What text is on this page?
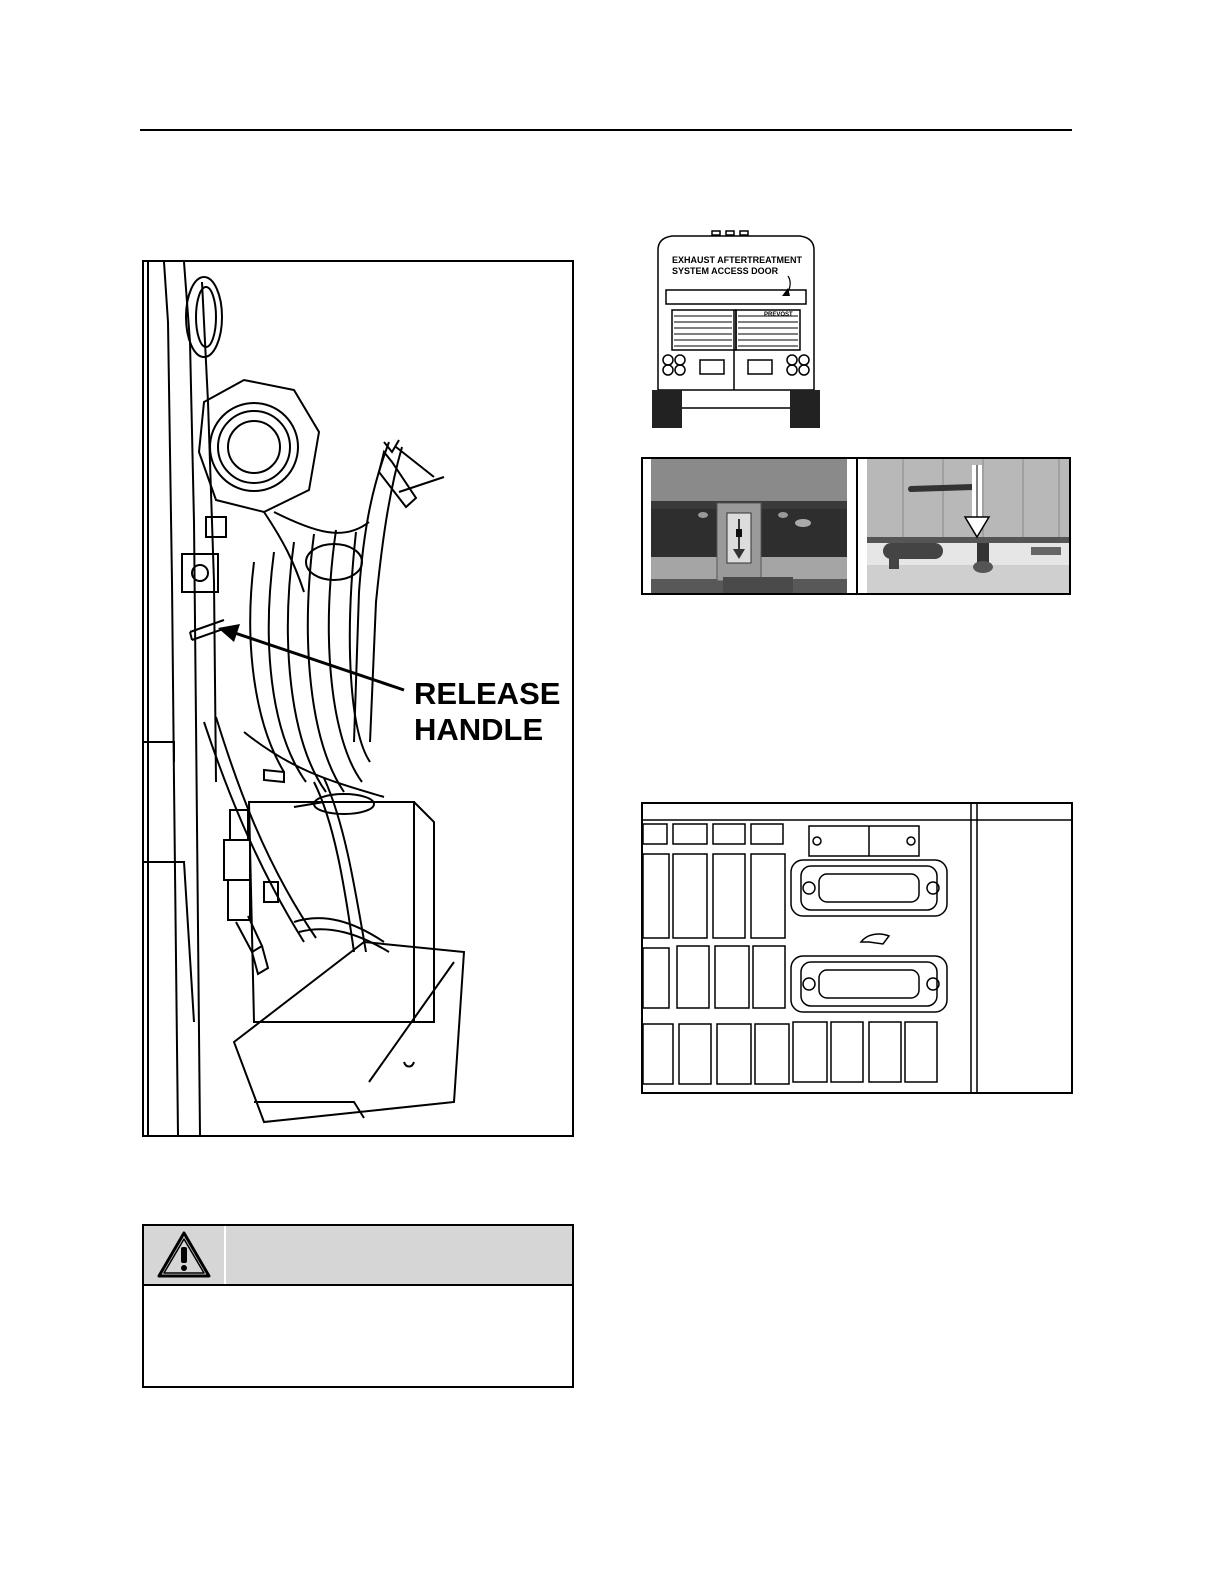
RELEASE
HANDLE
EXHAUST AFTERTREATMENT
SYSTEM ACCESS DOOR
PREVOST
